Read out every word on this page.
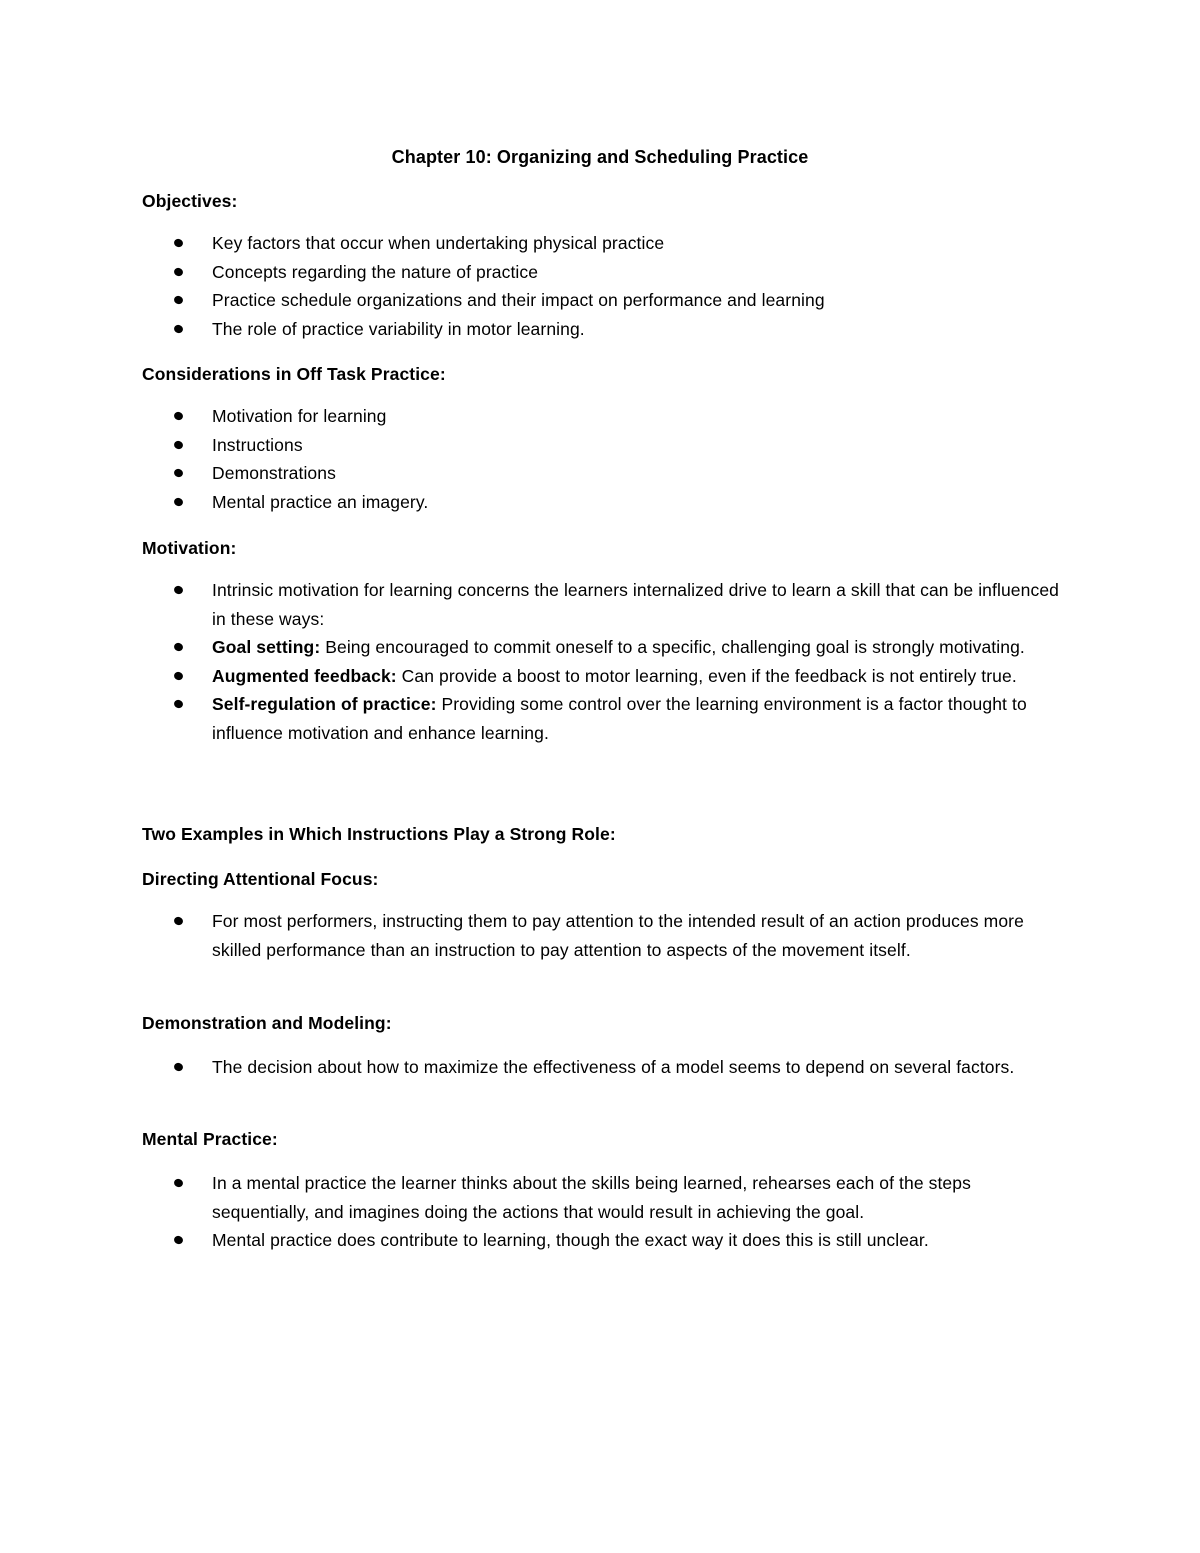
Chapter 10: Organizing and Scheduling Practice
Objectives:
Key factors that occur when undertaking physical practice
Concepts regarding the nature of practice
Practice schedule organizations and their impact on performance and learning
The role of practice variability in motor learning.
Considerations in Off Task Practice:
Motivation for learning
Instructions
Demonstrations
Mental practice an imagery.
Motivation:
Intrinsic motivation for learning concerns the learners internalized drive to learn a skill that can be influenced in these ways:
Goal setting: Being encouraged to commit oneself to a specific, challenging goal is strongly motivating.
Augmented feedback: Can provide a boost to motor learning, even if the feedback is not entirely true.
Self-regulation of practice: Providing some control over the learning environment is a factor thought to influence motivation and enhance learning.
Two Examples in Which Instructions Play a Strong Role:
Directing Attentional Focus:
For most performers, instructing them to pay attention to the intended result of an action produces more skilled performance than an instruction to pay attention to aspects of the movement itself.
Demonstration and Modeling:
The decision about how to maximize the effectiveness of a model seems to depend on several factors.
Mental Practice:
In a mental practice the learner thinks about the skills being learned, rehearses each of the steps sequentially, and imagines doing the actions that would result in achieving the goal.
Mental practice does contribute to learning, though the exact way it does this is still unclear.
